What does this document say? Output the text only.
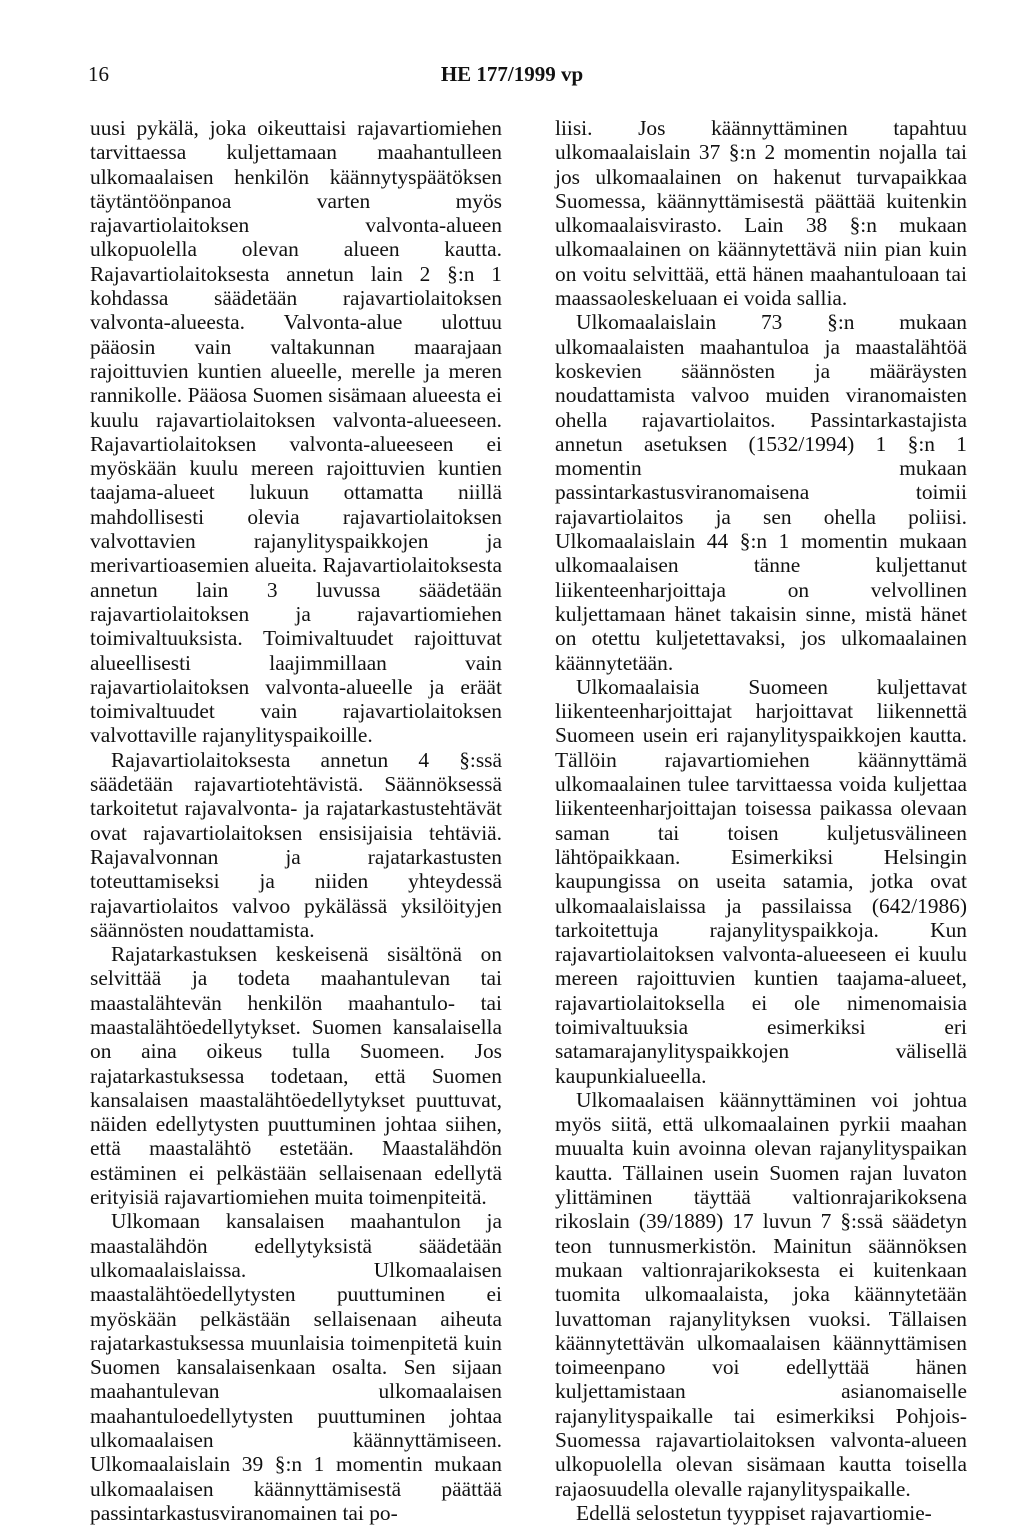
16	HE 177/1999 vp

uusi pykälä, joka oikeuttaisi rajavartiomiehen tarvittaessa kuljettamaan maahantulleen ulkomaalaisen henkilön käännytyspäätöksen täytäntöönpanoa varten myös rajavartiolaitoksen valvonta-alueen ulkopuolella olevan alueen kautta. Rajavartiolaitoksesta annetun lain 2 §:n 1 kohdassa säädetään rajavartiolaitoksen valvonta-alueesta. Valvonta-alue ulottuu pääosin vain valtakunnan maarajaan rajoittuvien kuntien alueelle, merelle ja meren rannikolle. Pääosa Suomen sisämaan alueesta ei kuulu rajavartiolaitoksen valvonta-alueeseen. Rajavartiolaitoksen valvonta-alueeseen ei myöskään kuulu mereen rajoittuvien kuntien taajama-alueet lukuun ottamatta niillä mahdollisesti olevia rajavartiolaitoksen valvottavien rajanylityspaikkojen ja merivartioasemien alueita. Rajavartiolaitoksesta annetun lain 3 luvussa säädetään rajavartiolaitoksen ja rajavartiomiehen toimivaltuuksista. Toimivaltuudet rajoittuvat alueellisesti laajimmillaan vain rajavartiolaitoksen valvonta-alueelle ja eräät toimivaltuudet vain rajavartiolaitoksen valvottaville rajanylityspaikoille.

Rajavartiolaitoksesta annetun 4 §:ssä säädetään rajavartiotehtävistä. Säännöksessä tarkoitetut rajavalvonta- ja rajatarkastustehtävät ovat rajavartiolaitoksen ensisijaisia tehtäviä. Rajavalvonnan ja rajatarkastusten toteuttamiseksi ja niiden yhteydessä rajavartiolaitos valvoo pykälässä yksilöityjen säännösten noudattamista.

Rajatarkastuksen keskeisenä sisältönä on selvittää ja todeta maahantulevan tai maastalähtevän henkilön maahantulo- tai maastalähtöedellytykset. Suomen kansalaisella on aina oikeus tulla Suomeen. Jos rajatarkastuksessa todetaan, että Suomen kansalaisen maastalähtöedellytykset puuttuvat, näiden edellytysten puuttuminen johtaa siihen, että maastalähtö estetään. Maastalähdön estäminen ei pelkästään sellaisenaan edellytä erityisiä rajavartiomiehen muita toimenpiteitä.

Ulkomaan kansalaisen maahantulon ja maastalähdön edellytyksistä säädetään ulkomaalaislaissa. Ulkomaalaisen maastalähtöedellytysten puuttuminen ei myöskään pelkästään sellaisenaan aiheuta rajatarkastuksessa muunlaisia toimenpitetä kuin Suomen kansalaisenkaan osalta. Sen sijaan maahantulevan ulkomaalaisen maahantuloedellytysten puuttuminen johtaa ulkomaalaisen käännyttämiseen. Ulkomaalaislain 39 §:n 1 momentin mukaan ulkomaalaisen käännyttämisestä päättää passintarkastusviranomainen tai po-

liisi. Jos käännyttäminen tapahtuu ulkomaalaislain 37 §:n 2 momentin nojalla tai jos ulkomaalainen on hakenut turvapaikkaa Suomessa, käännyttämisestä päättää kuitenkin ulkomaalaisvirasto. Lain 38 §:n mukaan ulkomaalainen on käännytettävä niin pian kuin on voitu selvittää, että hänen maahantuloaan tai maassaoleskeluaan ei voida sallia.

Ulkomaalaislain 73 §:n mukaan ulkomaalaisten maahantuloa ja maastalähtöä koskevien säännösten ja määräysten noudattamista valvoo muiden viranomaisten ohella rajavartiolaitos. Passintarkastajista annetun asetuksen (1532/1994) 1 §:n 1 momentin mukaan passintarkastusviranomaisena toimii rajavartiolaitos ja sen ohella poliisi. Ulkomaalaislain 44 §:n 1 momentin mukaan ulkomaalaisen tänne kuljettanut liikenteenharjoittaja on velvollinen kuljettamaan hänet takaisin sinne, mistä hänet on otettu kuljetettavaksi, jos ulkomaalainen käännytetään.

Ulkomaalaisia Suomeen kuljettavat liikenteenharjoittajat harjoittavat liikennettä Suomeen usein eri rajanylityspaikkojen kautta. Tällöin rajavartiomiehen käännyttämä ulkomaalainen tulee tarvittaessa voida kuljettaa liikenteenharjoittajan toisessa paikassa olevaan saman tai toisen kuljetusvälineen lähtöpaikkaan. Esimerkiksi Helsingin kaupungissa on useita satamia, jotka ovat ulkomaalaislaissa ja passilaissa (642/1986) tarkoitettuja rajanylityspaikkoja. Kun rajavartiolaitoksen valvonta-alueeseen ei kuulu mereen rajoittuvien kuntien taajama-alueet, rajavartiolaitoksella ei ole nimenomaisia toimivaltuuksia esimerkiksi eri satamarajanylityspaikkojen välisellä kaupunkialueella.

Ulkomaalaisen käännyttäminen voi johtua myös siitä, että ulkomaalainen pyrkii maahan muualta kuin avoinna olevan rajanylityspaikan kautta. Tällainen usein Suomen rajan luvaton ylittäminen täyttää valtionrajarikoksena rikoslain (39/1889) 17 luvun 7 §:ssä säädetyn teon tunnusmerkistön. Mainitun säännöksen mukaan valtionrajarikoksesta ei kuitenkaan tuomita ulkomaalaista, joka käännytetään luvattoman rajanylityksen vuoksi. Tällaisen käännytettävän ulkomaalaisen käännyttämisen toimeenpano voi edellyttää hänen kuljettamistaan asianomaiselle rajanylityspaikalle tai esimerkiksi Pohjois-Suomessa rajavartiolaitoksen valvonta-alueen ulkopuolella olevan sisämaan kautta toisella rajaosuudella olevalle rajanylityspaikalle.

Edellä selostetun tyyppiset rajavartiomie-
